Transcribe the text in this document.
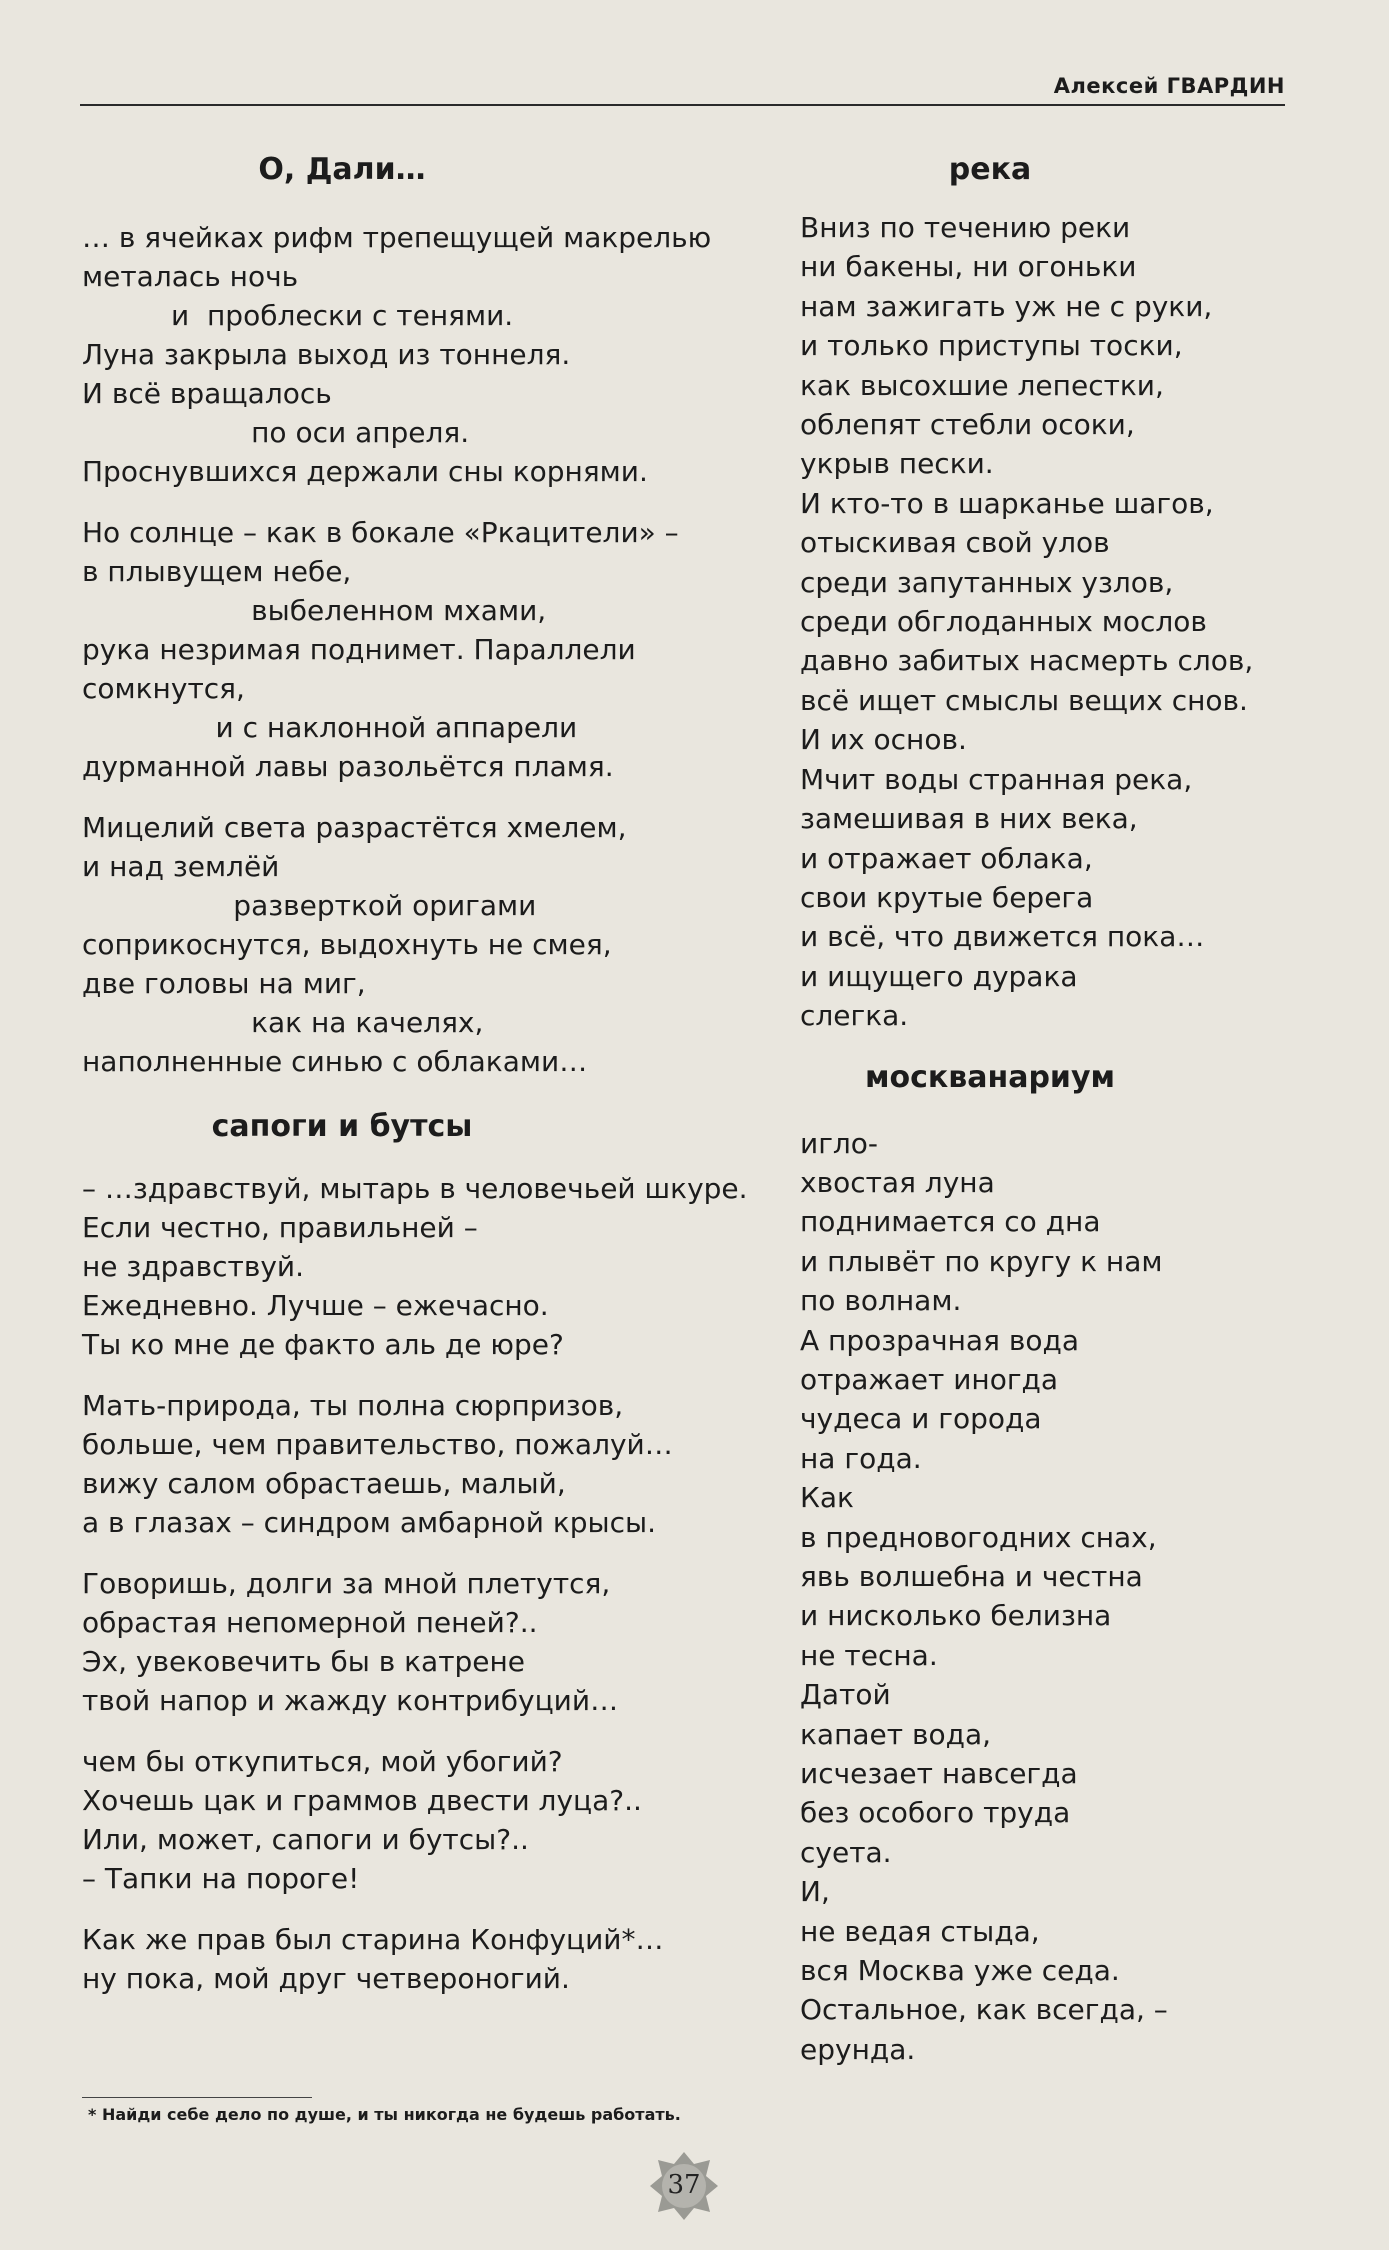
Алексей ГВАРДИН
О, Дали…
… в ячейках рифм трепещущей макрелью
металась ночь
и  проблески с тенями.
Луна закрыла выход из тоннеля.
И всё вращалось
по оси апреля.
Проснувшихся держали сны корнями.
Но солнце – как в бокале «Ркацители» –
в плывущем небе,
выбеленном мхами,
рука незримая поднимет. Параллели
сомкнутся,
и с наклонной аппарели
дурманной лавы разольётся пламя.
Мицелий света разрастётся хмелем,
и над землёй
разверткой оригами
соприкоснутся, выдохнуть не смея,
две головы на миг,
как на качелях,
наполненные синью с облаками…
сапоги и бутсы
– …здравствуй, мытарь в человечьей шкуре.
Если честно, правильней –
не здравствуй.
Ежедневно. Лучше – ежечасно.
Ты ко мне де факто аль де юре?
Мать-природа, ты полна сюрпризов,
больше, чем правительство, пожалуй…
вижу салом обрастаешь, малый,
а в глазах – синдром амбарной крысы.
Говоришь, долги за мной плетутся,
обрастая непомерной пеней?..
Эх, увековечить бы в катрене
твой напор и жажду контрибуций…
чем бы откупиться, мой убогий?
Хочешь цак и граммов двести луца?..
Или, может, сапоги и бутсы?..
– Тапки на пороге!
Как же прав был старина Конфуций*…
ну пока, мой друг четвероногий.
река
Вниз по течению реки
ни бакены, ни огоньки
нам зажигать уж не с руки,
и только приступы тоски,
как высохшие лепестки,
облепят стебли осоки,
укрыв пески.
И кто-то в шарканье шагов,
отыскивая свой улов
среди запутанных узлов,
среди обглоданных мослов
давно забитых насмерть слов,
всё ищет смыслы вещих снов.
И их основ.
Мчит воды странная река,
замешивая в них века,
и отражает облака,
свои крутые берега
и всё, что движется пока…
и ищущего дурака
слегка.
москванариум
игло-
хвостая луна
поднимается со дна
и плывёт по кругу к нам
по волнам.
А прозрачная вода
отражает иногда
чудеса и города
на года.
Как
в предновогодних снах,
явь волшебна и честна
и нисколько белизна
не тесна.
Датой
капает вода,
исчезает навсегда
без особого труда
суета.
И,
не ведая стыда,
вся Москва уже седа.
Остальное, как всегда, –
ерунда.
* Найди себе дело по душе, и ты никогда не будешь работать.
37
